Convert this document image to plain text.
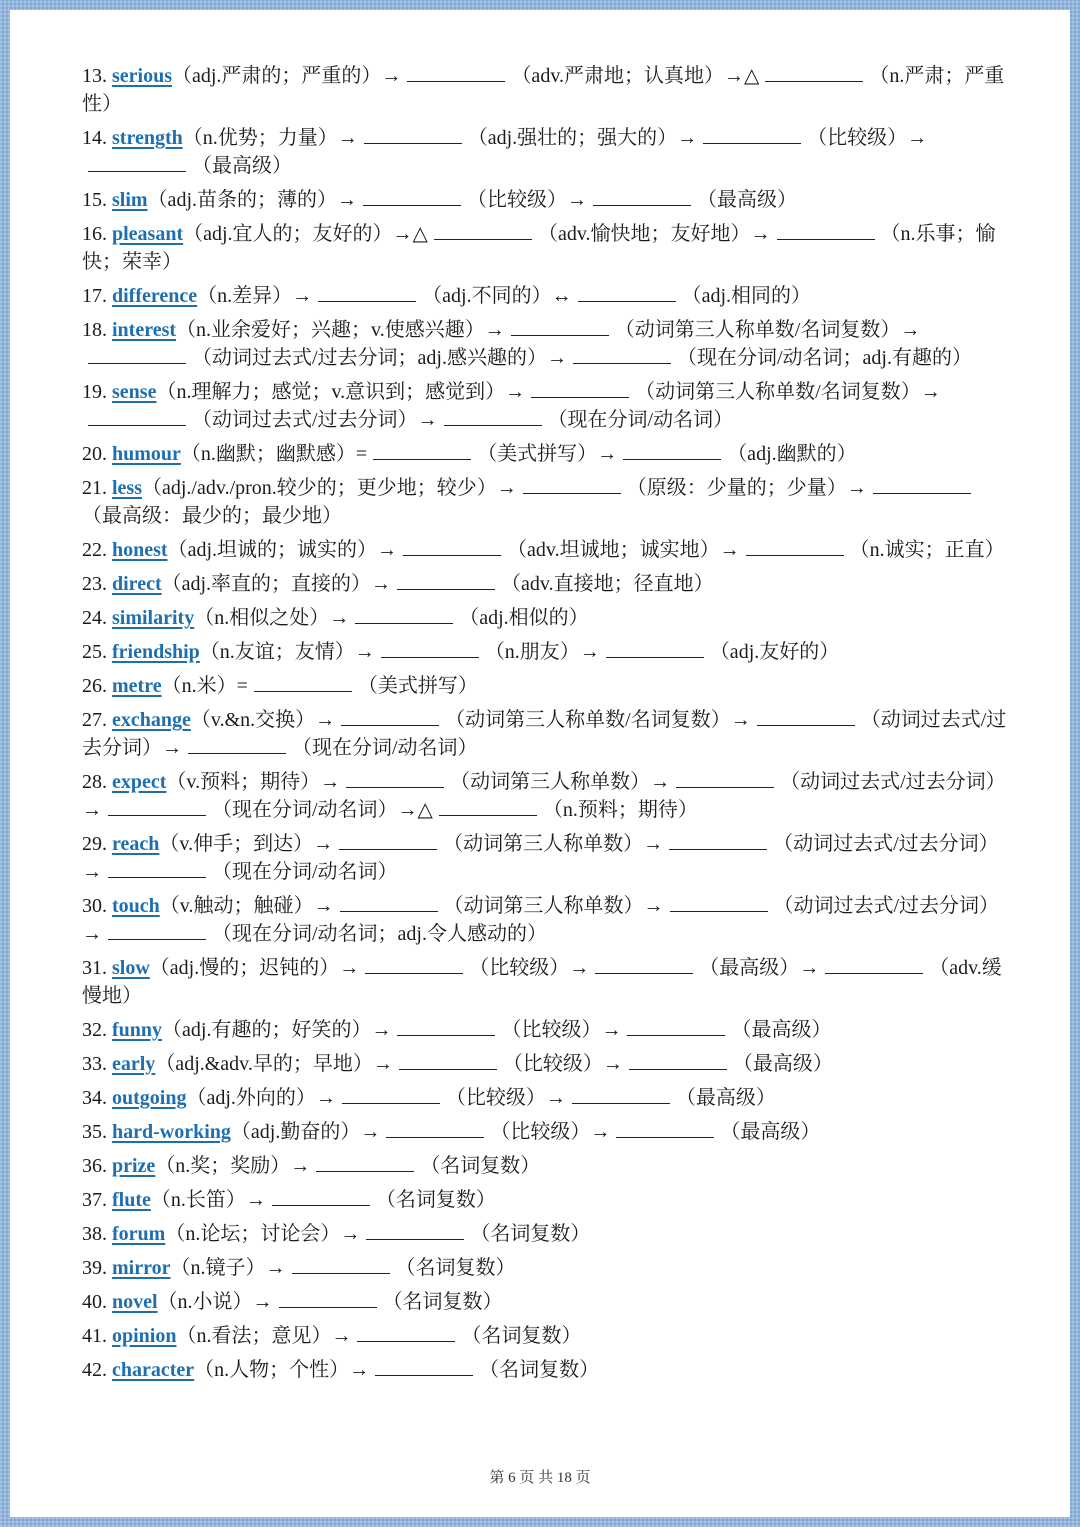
13. serious（adj.严肃的；严重的）→	（adv.严肃地；认真地）→△	（n.严肃；严重性）
14. strength（n.优势；力量）→	（adj.强壮的；强大的）→	（比较级）→（最高级）
15. slim（adj.苗条的；薄的）→	（比较级）→	（最高级）
16. pleasant（adj.宜人的；友好的）→△	（adv.愉快地；友好地）→	（n.乐事；愉快；荣幸）
17. difference（n.差异）→	（adj.不同的）↔	（adj.相同的）
18. interest（n.业余爱好；兴趣；v.使感兴趣）→	（动词第三人称单数/名词复数）→（动词过去式/过去分词；adj.感兴趣的）→	（现在分词/动名词；adj.有趣的）
19. sense（n.理解力；感觉；v.意识到；感觉到）→	（动词第三人称单数/名词复数）→（动词过去式/过去分词）→	（现在分词/动名词）
20. humour（n.幽默；幽默感）=	（美式拼写）→	（adj.幽默的）
21. less（adj./adv./pron.较少的；更少地；较少）→	（原级：少量的；少量）→（最高级：最少的；最少地）
22. honest（adj.坦诚的；诚实的）→	（adv.坦诚地；诚实地）→	（n.诚实；正直）
23. direct（adj.率直的；直接的）→	（adv.直接地；径直地）
24. similarity（n.相似之处）→	（adj.相似的）
25. friendship（n.友谊；友情）→	（n.朋友）→	（adj.友好的）
26. metre（n.米）=	（美式拼写）
27. exchange（v.&n.交换）→	（动词第三人称单数/名词复数）→	（动词过去式/过去分词）→	（现在分词/动名词）
28. expect（v.预料；期待）→	（动词第三人称单数）→	（动词过去式/过去分词）→	（现在分词/动名词）→△	（n.预料；期待）
29. reach（v.伸手；到达）→	（动词第三人称单数）→	（动词过去式/过去分词）→	（现在分词/动名词）
30. touch（v.触动；触碰）→	（动词第三人称单数）→	（动词过去式/过去分词）→	（现在分词/动名词；adj.令人感动的）
31. slow（adj.慢的；迟钝的）→	（比较级）→	（最高级）→	（adv.缓慢地）
32. funny（adj.有趣的；好笑的）→	（比较级）→	（最高级）
33. early（adj.&adv.早的；早地）→	（比较级）→	（最高级）
34. outgoing（adj.外向的）→	（比较级）→	（最高级）
35. hard-working（adj.勤奋的）→	（比较级）→	（最高级）
36. prize（n.奖；奖励）→	（名词复数）
37. flute（n.长笛）→	（名词复数）
38. forum（n.论坛；讨论会）→	（名词复数）
39. mirror（n.镜子）→	（名词复数）
40. novel（n.小说）→	（名词复数）
41. opinion（n.看法；意见）→	（名词复数）
42. character（n.人物；个性）→	（名词复数）
第 6 页 共 18 页
